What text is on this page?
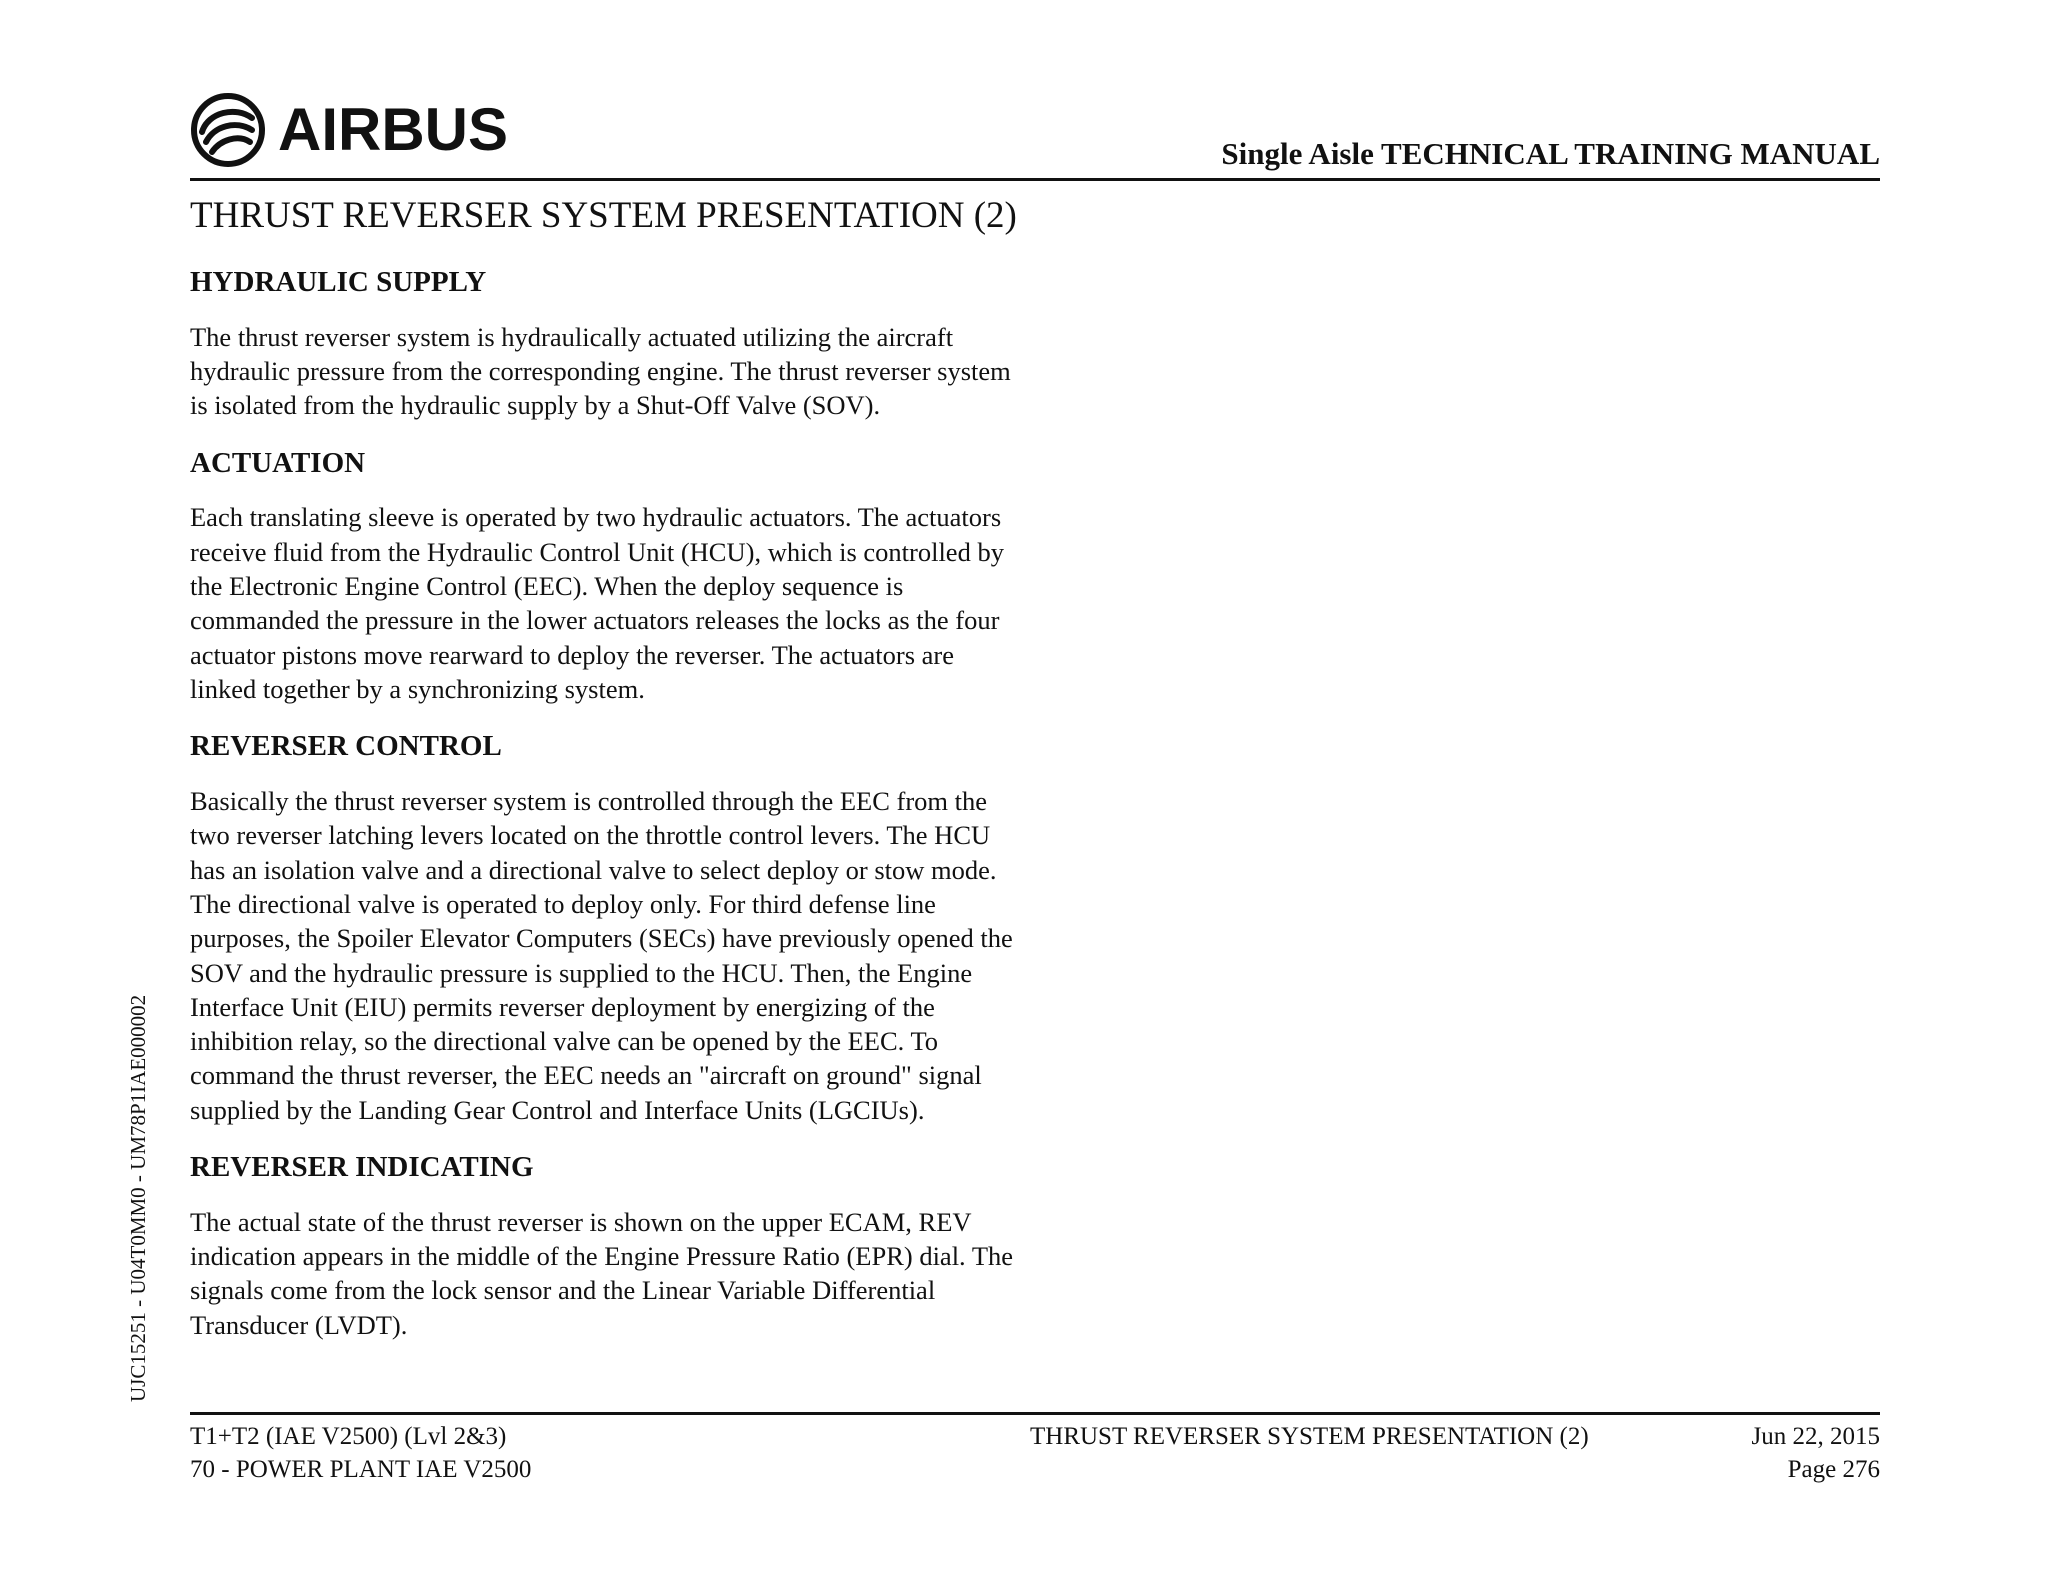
AIRBUS	Single Aisle TECHNICAL TRAINING MANUAL
THRUST REVERSER SYSTEM PRESENTATION (2)
HYDRAULIC SUPPLY
The thrust reverser system is hydraulically actuated utilizing the aircraft hydraulic pressure from the corresponding engine. The thrust reverser system is isolated from the hydraulic supply by a Shut-Off Valve (SOV).
ACTUATION
Each translating sleeve is operated by two hydraulic actuators. The actuators receive fluid from the Hydraulic Control Unit (HCU), which is controlled by the Electronic Engine Control (EEC). When the deploy sequence is commanded the pressure in the lower actuators releases the locks as the four actuator pistons move rearward to deploy the reverser. The actuators are linked together by a synchronizing system.
REVERSER CONTROL
Basically the thrust reverser system is controlled through the EEC from the two reverser latching levers located on the throttle control levers. The HCU has an isolation valve and a directional valve to select deploy or stow mode. The directional valve is operated to deploy only. For third defense line purposes, the Spoiler Elevator Computers (SECs) have previously opened the SOV and the hydraulic pressure is supplied to the HCU. Then, the Engine Interface Unit (EIU) permits reverser deployment by energizing of the inhibition relay, so the directional valve can be opened by the EEC. To command the thrust reverser, the EEC needs an "aircraft on ground" signal supplied by the Landing Gear Control and Interface Units (LGCIUs).
REVERSER INDICATING
The actual state of the thrust reverser is shown on the upper ECAM, REV indication appears in the middle of the Engine Pressure Ratio (EPR) dial. The signals come from the lock sensor and the Linear Variable Differential Transducer (LVDT).
UJC15251 - U04T0MM0 - UM78P1IAE000002
T1+T2 (IAE V2500) (Lvl 2&3)
70 - POWER PLANT IAE V2500
THRUST REVERSER SYSTEM PRESENTATION (2)	Jun 22, 2015
Page 276
